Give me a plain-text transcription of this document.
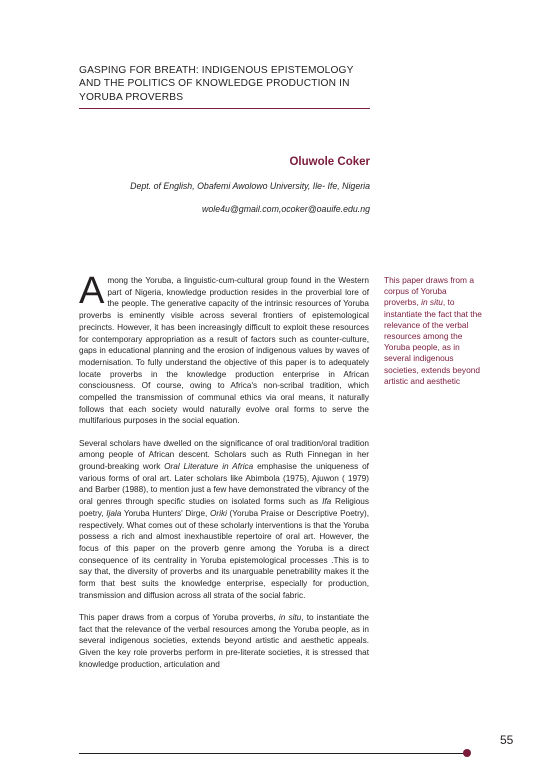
GASPING FOR BREATH: INDIGENOUS EPISTEMOLOGY
AND THE POLITICS OF KNOWLEDGE PRODUCTION IN
YORUBA PROVERBS
Oluwole Coker
Dept. of English, Obafemi Awolowo University, Ile- Ife, Nigeria
wole4u@gmail.com,ocoker@oauife.edu.ng

Among the Yoruba, a linguistic-cum-cultural group found in the Western part of Nigeria, knowledge production resides in the proverbial lore of the people. The generative capacity of the intrinsic resources of Yoruba proverbs is eminently visible across several frontiers of epistemological precincts. However, it has been increasingly difficult to exploit these resources for contemporary appropriation as a result of factors such as counter-culture, gaps in educational planning and the erosion of indigenous values by waves of modernisation. To fully understand the objective of this paper is to adequately locate proverbs in the knowledge production enterprise in African consciousness. Of course, owing to Africa's non-scribal tradition, which compelled the transmission of communal ethics via oral means, it naturally follows that each society would naturally evolve oral forms to serve the multifarious purposes in the social equation.

Several scholars have dwelled on the significance of oral tradition/oral tradition among people of African descent. Scholars such as Ruth Finnegan in her ground-breaking work Oral Literature in Africa emphasise the uniqueness of various forms of oral art. Later scholars like Abimbola (1975), Ajuwon ( 1979) and Barber (1988), to mention just a few have demonstrated the vibrancy of the oral genres through specific studies on isolated forms such as Ifa Religious poetry, Ijala Yoruba Hunters' Dirge, Oriki (Yoruba Praise or Descriptive Poetry), respectively. What comes out of these scholarly interventions is that the Yoruba possess a rich and almost inexhaustible repertoire of oral art. However, the focus of this paper on the proverb genre among the Yoruba is a direct consequence of its centrality in Yoruba epistemological processes .This is to say that, the diversity of proverbs and its unarguable penetrability makes it the form that best suits the knowledge enterprise, especially for production, transmission and diffusion across all strata of the social fabric.

This paper draws from a corpus of Yoruba proverbs, in situ, to instantiate the fact that the relevance of the verbal resources among the Yoruba people, as in several indigenous societies, extends beyond artistic and aesthetic appeals. Given the key role proverbs perform in pre-literate societies, it is stressed that knowledge production, articulation and

This paper draws from a corpus of Yoruba proverbs, in situ, to instantiate the fact that the relevance of the verbal resources among the Yoruba people, as in several indigenous societies, extends beyond artistic and aesthetic

55
